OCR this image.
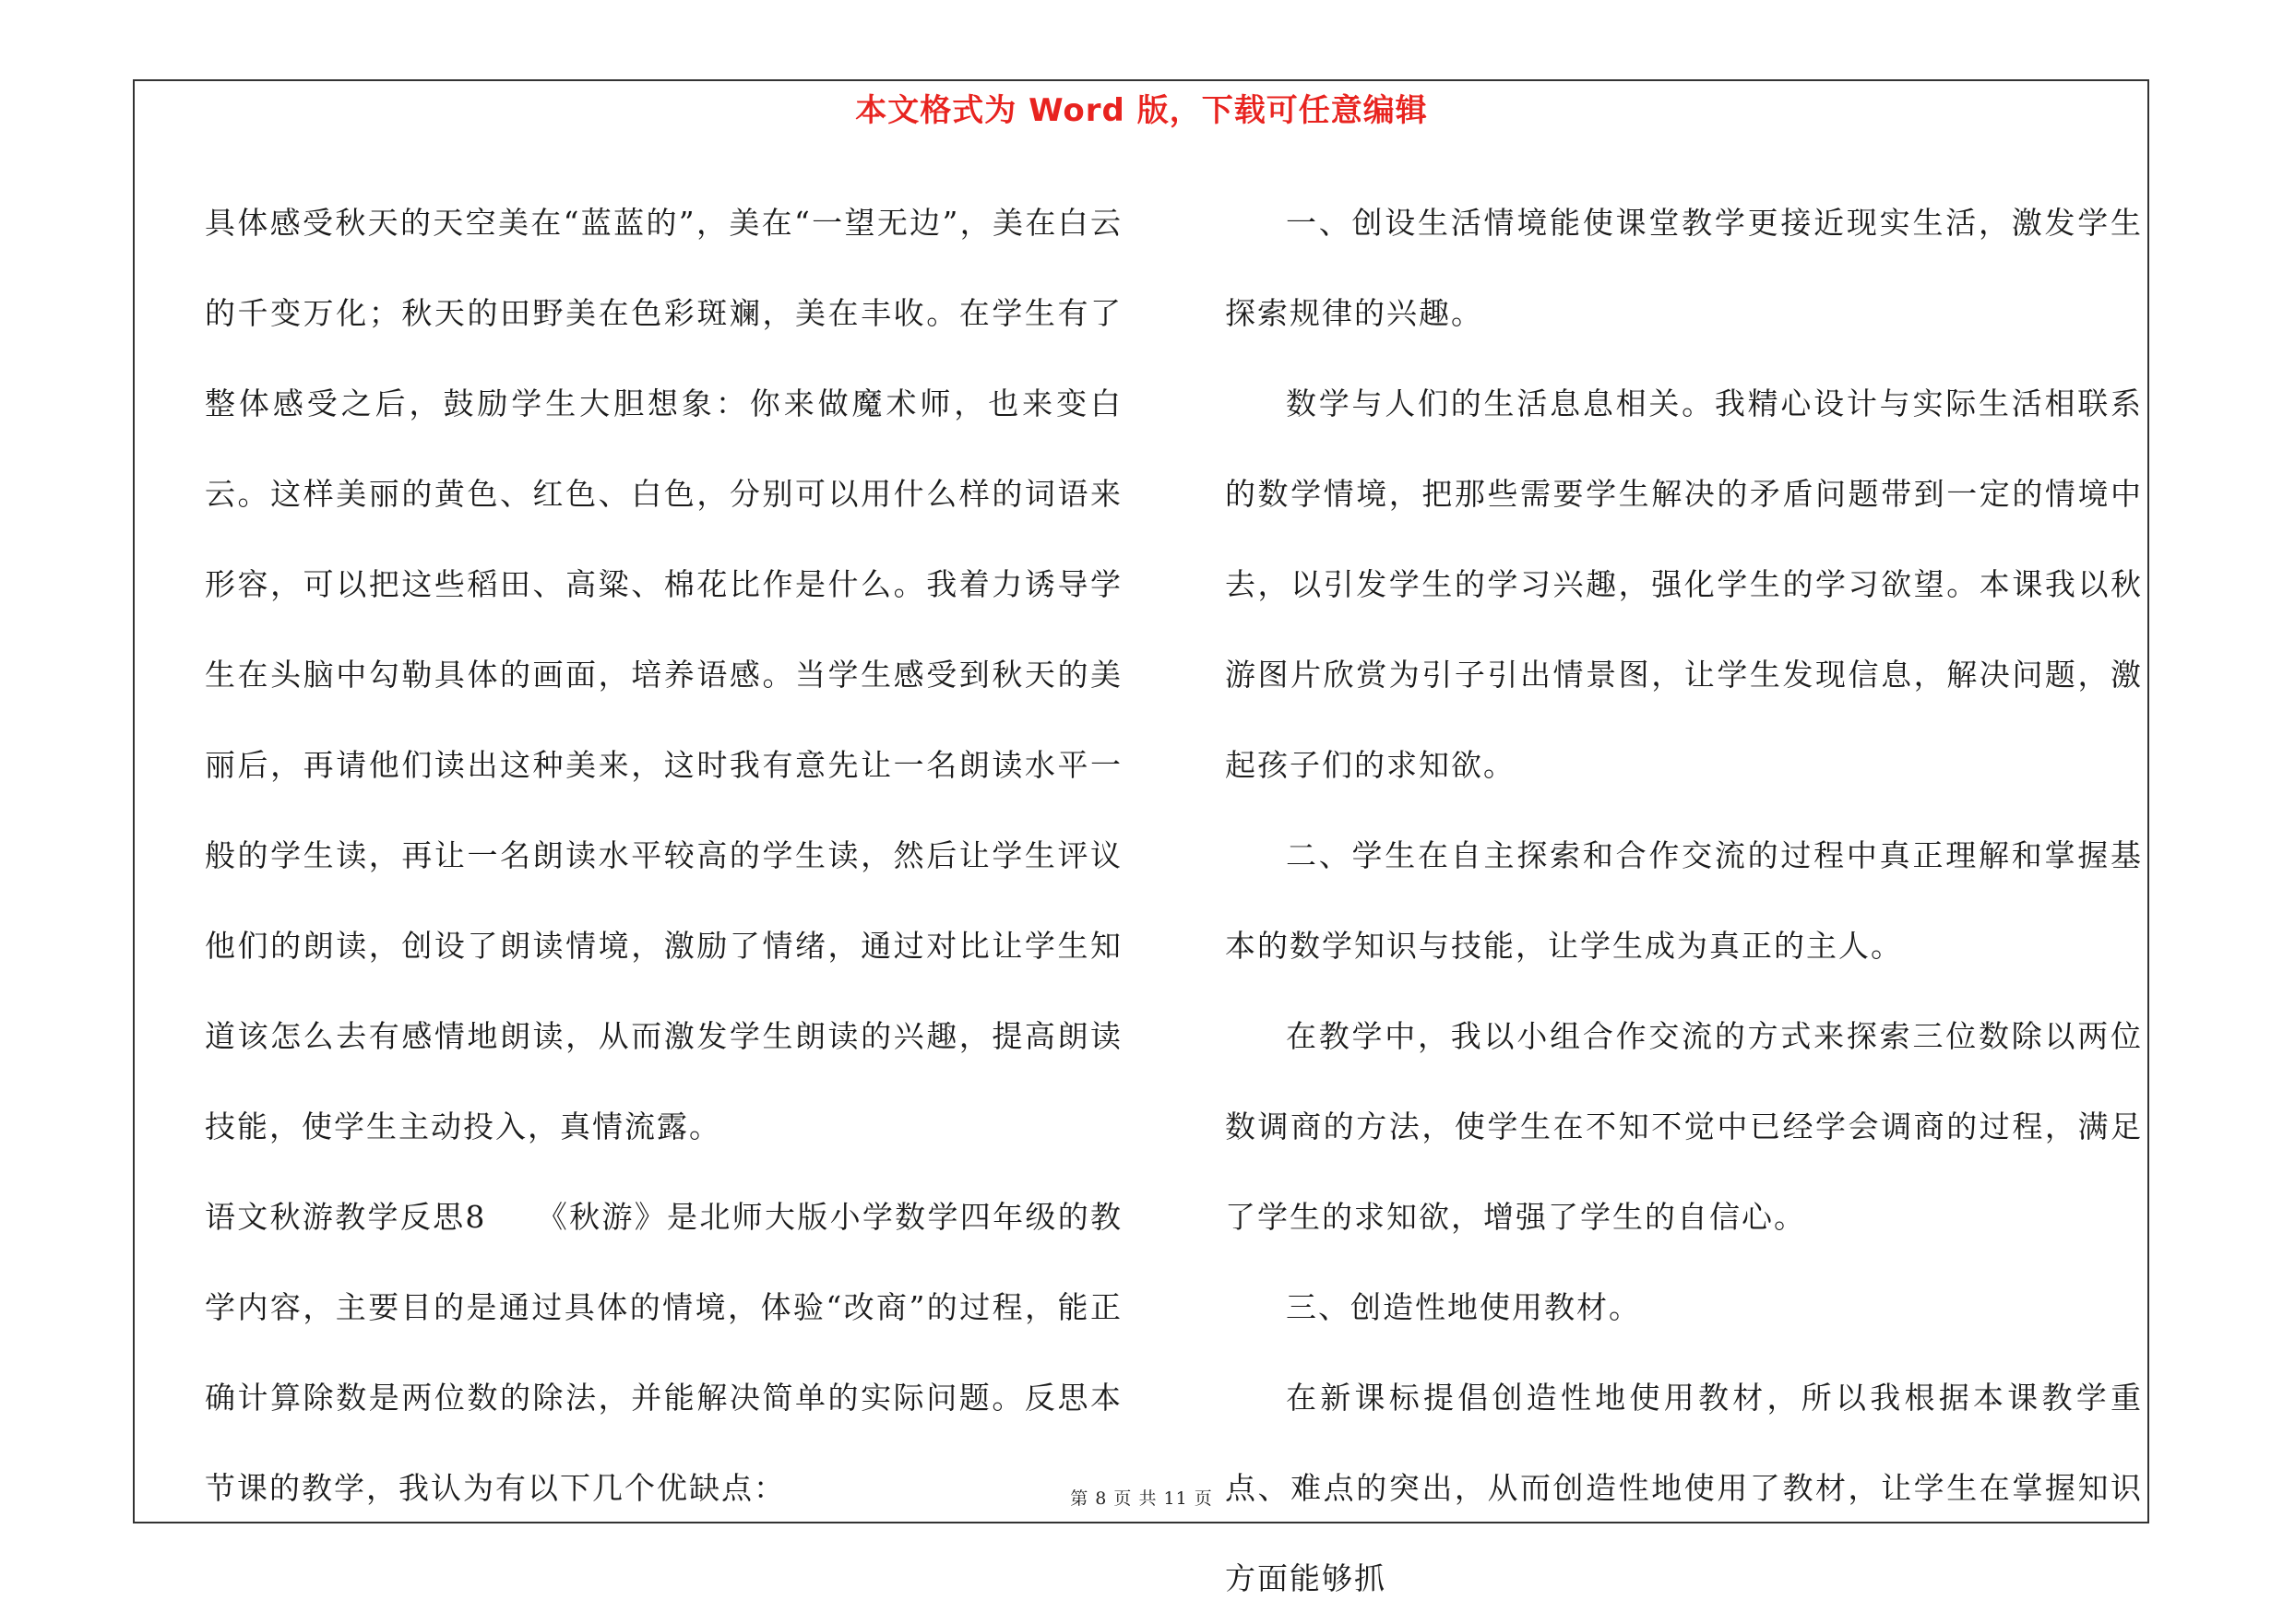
本文格式为 Word 版，下载可任意编辑

具体感受秋天的天空美在“蓝蓝的”，美在“一望无边”，美在白云的千变万化；秋天的田野美在色彩斑斓，美在丰收。在学生有了整体感受之后，鼓励学生大胆想象：你来做魔术师，也来变白云。这样美丽的黄色、红色、白色，分别可以用什么样的词语来形容，可以把这些稻田、高粱、棉花比作是什么。我着力诱导学生在头脑中勾勒具体的画面，培养语感。当学生感受到秋天的美丽后，再请他们读出这种美来，这时我有意先让一名朗读水平一般的学生读，再让一名朗读水平较高的学生读，然后让学生评议他们的朗读，创设了朗读情境，激励了情绪，通过对比让学生知道该怎么去有感情地朗读，从而激发学生朗读的兴趣，提高朗读技能，使学生主动投入，真情流露。

语文秋游教学反思8　　《秋游》是北师大版小学数学四年级的教学内容，主要目的是通过具体的情境，体验“改商”的过程，能正确计算除数是两位数的除法，并能解决简单的实际问题。反思本节课的教学，我认为有以下几个优缺点：

一、创设生活情境能使课堂教学更接近现实生活，激发学生探索规律的兴趣。

数学与人们的生活息息相关。我精心设计与实际生活相联系的数学情境，把那些需要学生解决的矛盾问题带到一定的情境中去，以引发学生的学习兴趣，强化学生的学习欲望。本课我以秋游图片欣赏为引子引出情景图，让学生发现信息，解决问题，激起孩子们的求知欲。

二、学生在自主探索和合作交流的过程中真正理解和掌握基本的数学知识与技能，让学生成为真正的主人。

在教学中，我以小组合作交流的方式来探索三位数除以两位数调商的方法，使学生在不知不觉中已经学会调商的过程，满足了学生的求知欲，增强了学生的自信心。

三、创造性地使用教材。

在新课标提倡创造性地使用教材，所以我根据本课教学重点、难点的突出，从而创造性地使用了教材，让学生在掌握知识方面能够抓

第 8 页 共 11 页
